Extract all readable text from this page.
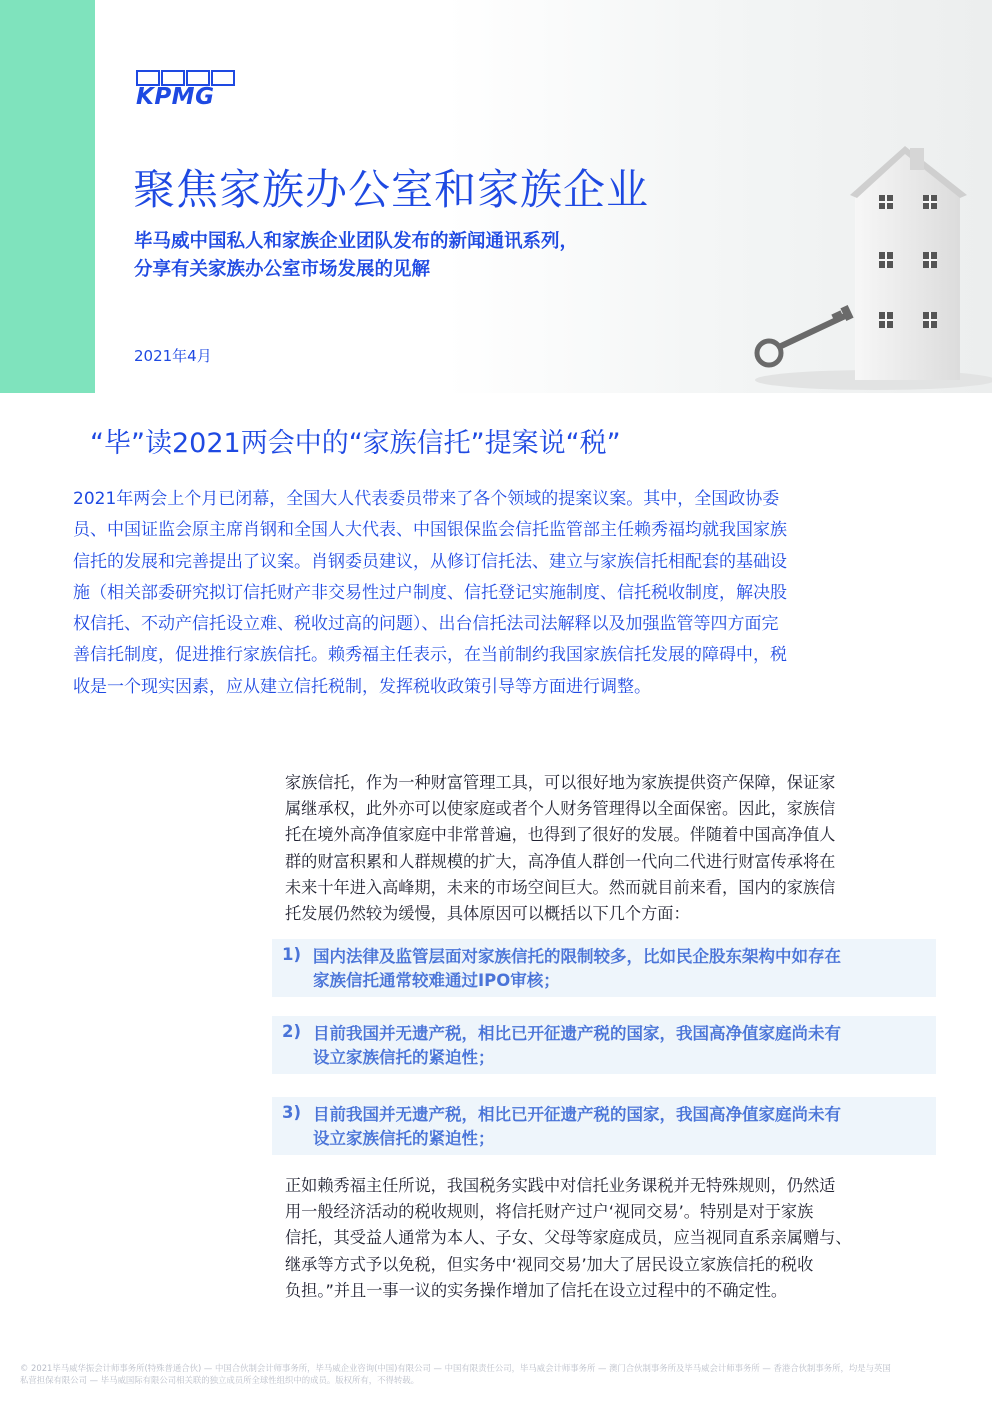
KPMG
聚焦家族办公室和家族企业
毕马威中国私人和家族企业团队发布的新闻通讯系列，
分享有关家族办公室市场发展的见解
2021年4月
“毕”读2021两会中的“家族信托”提案说“税”
2021年两会上个月已闭幕，全国大人代表委员带来了各个领域的提案议案。其中，全国政协委
员、中国证监会原主席肖钢和全国人大代表、中国银保监会信托监管部主任赖秀福均就我国家族
信托的发展和完善提出了议案。肖钢委员建议，从修订信托法、建立与家族信托相配套的基础设
施（相关部委研究拟订信托财产非交易性过户制度、信托登记实施制度、信托税收制度，解决股
权信托、不动产信托设立难、税收过高的问题）、出台信托法司法解释以及加强监管等四方面完
善信托制度，促进推行家族信托。赖秀福主任表示，在当前制约我国家族信托发展的障碍中，税
收是一个现实因素，应从建立信托税制，发挥税收政策引导等方面进行调整。
家族信托，作为一种财富管理工具，可以很好地为家族提供资产保障，保证家
属继承权，此外亦可以使家庭或者个人财务管理得以全面保密。因此，家族信
托在境外高净值家庭中非常普遍，也得到了很好的发展。伴随着中国高净值人
群的财富积累和人群规模的扩大，高净值人群创一代向二代进行财富传承将在
未来十年进入高峰期，未来的市场空间巨大。然而就目前来看，国内的家族信
托发展仍然较为缓慢，具体原因可以概括以下几个方面：
1) 国内法律及监管层面对家族信托的限制较多，比如民企股东架构中如存在
家族信托通常较难通过IPO审核；
2) 目前我国并无遗产税，相比已开征遗产税的国家，我国高净值家庭尚未有
设立家族信托的紧迫性；
3) 目前我国并无遗产税，相比已开征遗产税的国家，我国高净值家庭尚未有
设立家族信托的紧迫性；
正如赖秀福主任所说，我国税务实践中对信托业务课税并无特殊规则，仍然适
用一般经济活动的税收规则，将信托财产过户‘视同交易’。特别是对于家族
信托，其受益人通常为本人、子女、父母等家庭成员，应当视同直系亲属赠与、
继承等方式予以免税，但实务中‘视同交易’加大了居民设立家族信托的税收
负担。”并且一事一议的实务操作增加了信托在设立过程中的不确定性。
© 2021毕马威华振会计师事务所(特殊普通合伙) — 中国合伙制会计师事务所，毕马威企业咨询(中国)有限公司 — 中国有限责任公司，毕马威会计师事务所 — 澳门合伙制事务所及毕马威会计师事务所 — 香港合伙制事务所，均是与英国
私营担保有限公司 — 毕马威国际有限公司相关联的独立成员所全球性组织中的成员。版权所有，不得转载。
